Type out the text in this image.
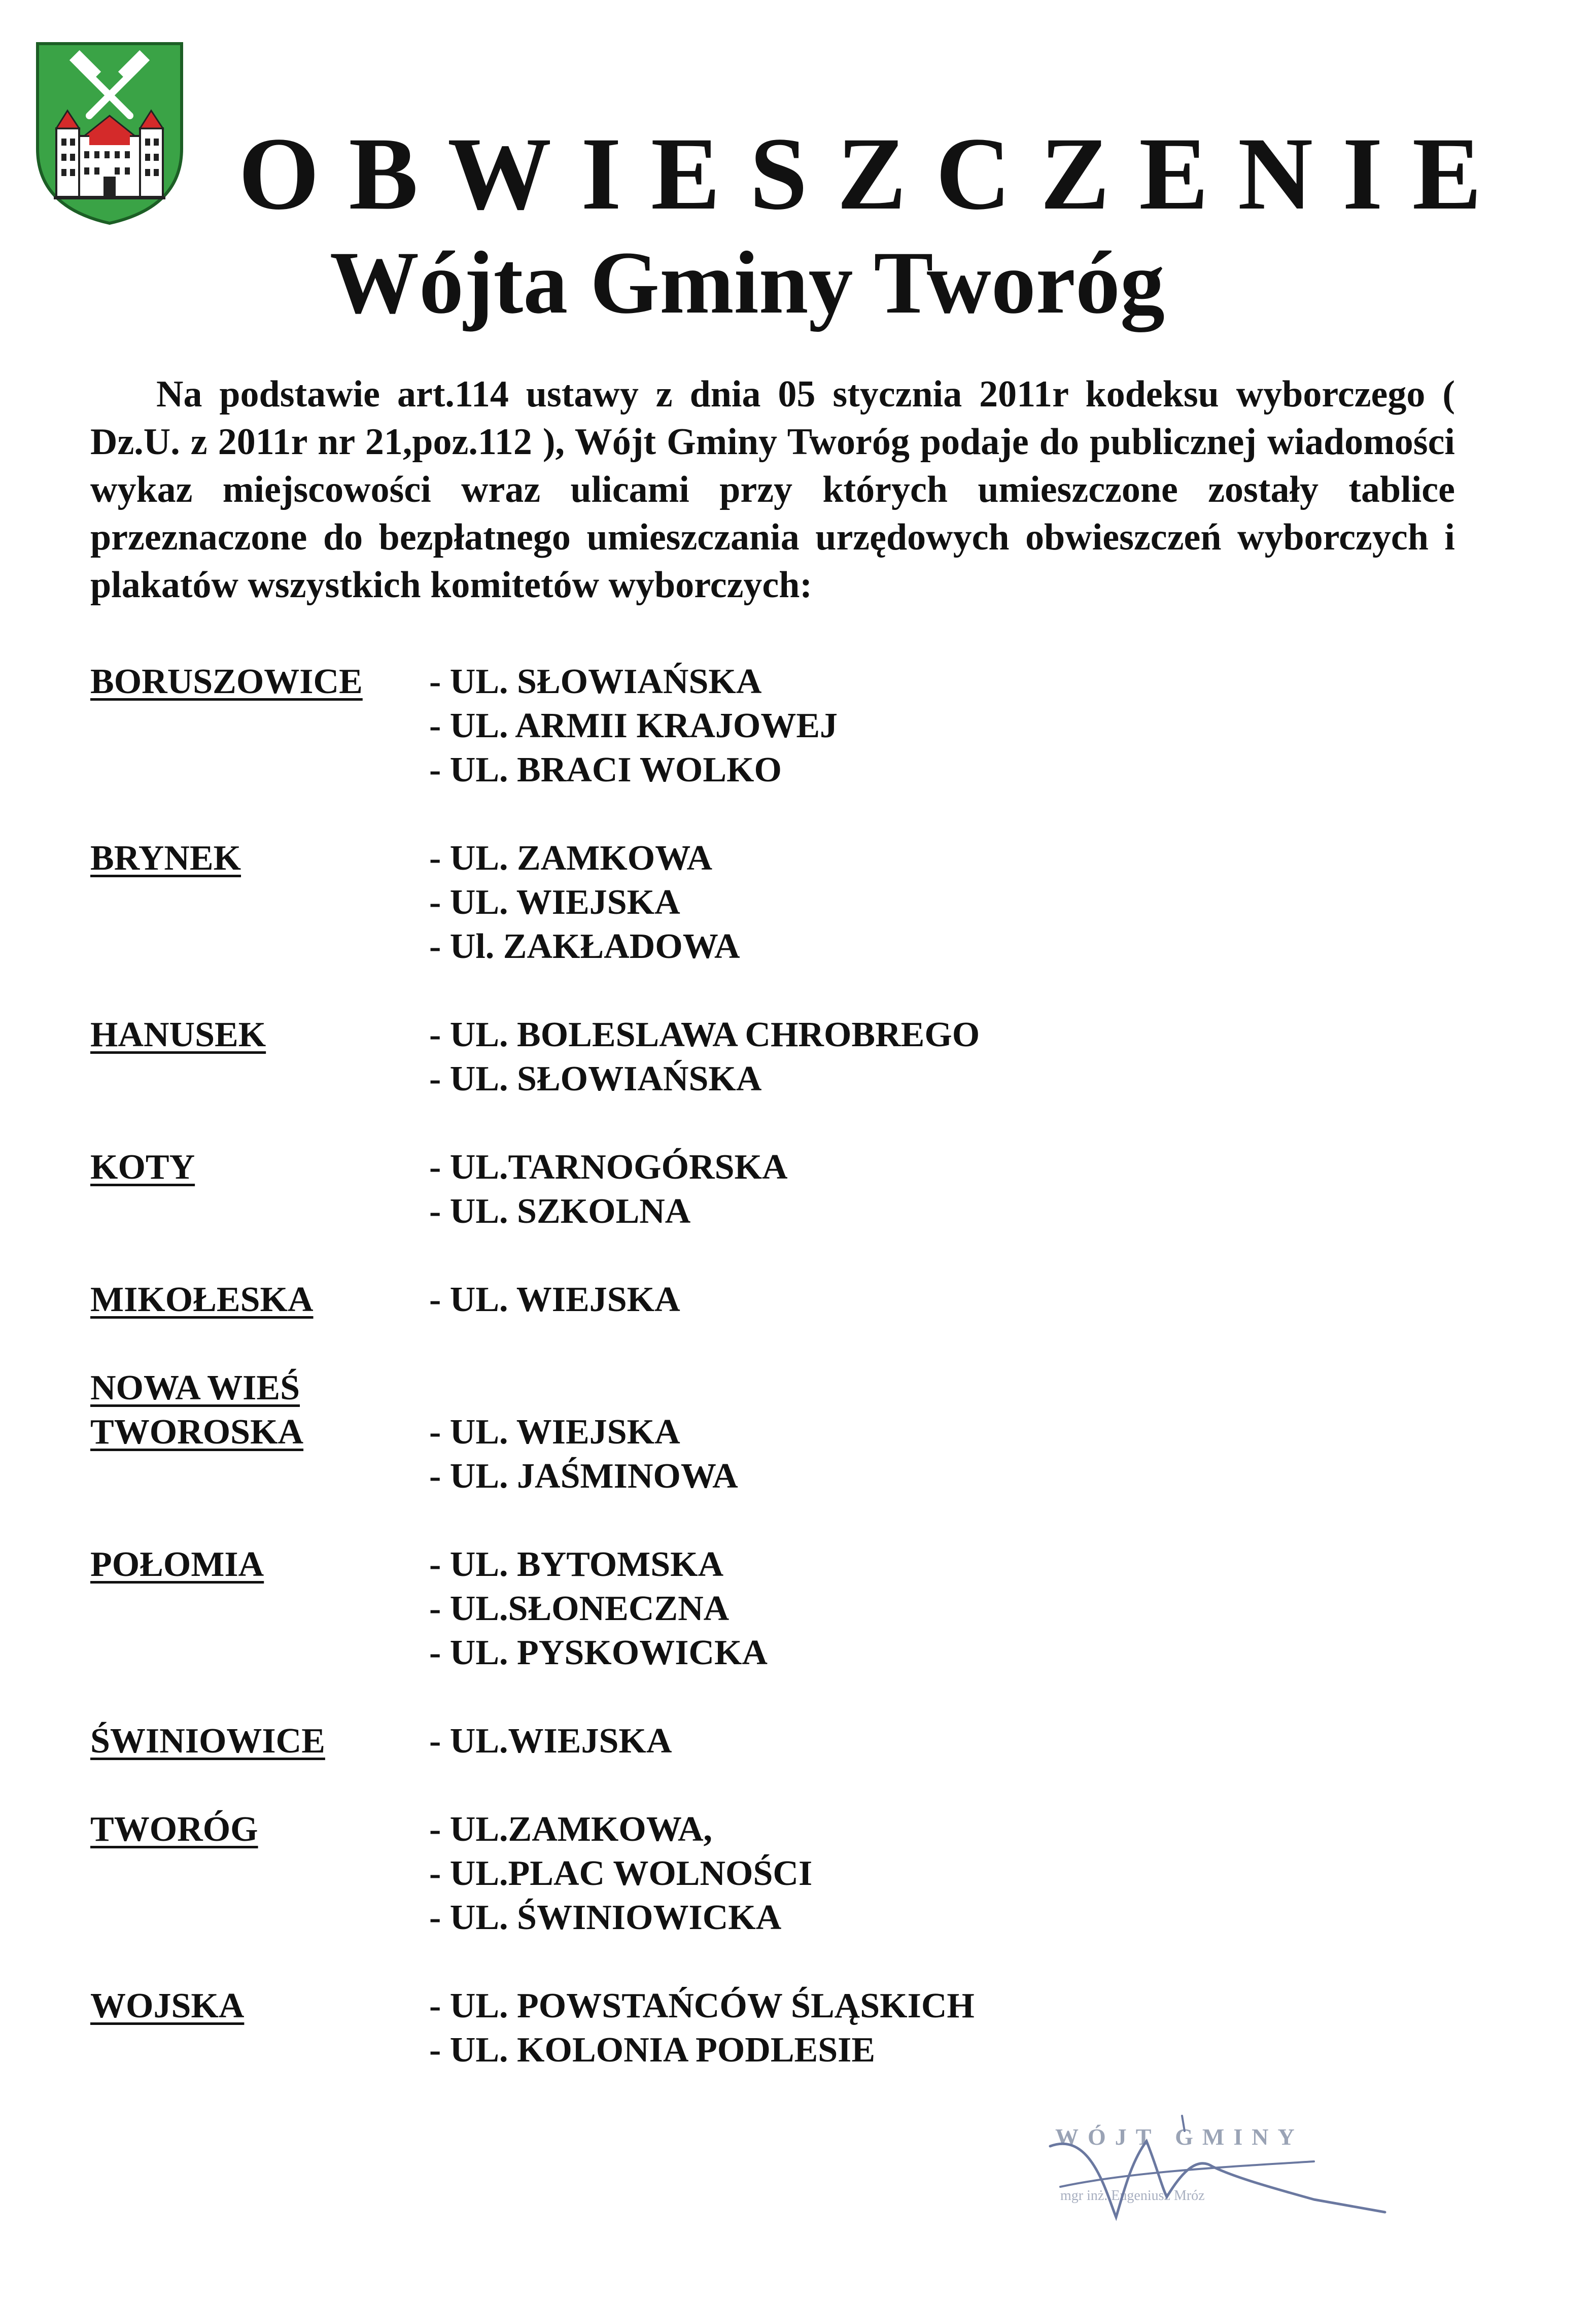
OBWIESZCZENIE
Wójta Gminy Tworóg

Na podstawie art.114 ustawy z dnia 05 stycznia 2011r kodeksu wyborczego ( Dz.U. z 2011r nr 21,poz.112 ), Wójt Gminy Tworóg podaje do publicznej wiadomości wykaz miejscowości wraz ulicami przy których umieszczone zostały tablice przeznaczone do bezpłatnego umieszczania urzędowych obwieszczeń wyborczych i plakatów wszystkich komitetów wyborczych:

BORUSZOWICE	- UL. SŁOWIAŃSKA
- UL. ARMII KRAJOWEJ
- UL. BRACI WOLKO
BRYNEK	- UL. ZAMKOWA
- UL. WIEJSKA
- Ul. ZAKŁADOWA
HANUSEK	- UL. BOLESLAWA CHROBREGO
- UL. SŁOWIAŃSKA
KOTY	- UL.TARNOGÓRSKA
- UL. SZKOLNA
MIKOŁESKA	- UL. WIEJSKA
NOWA WIEŚ
TWOROSKA	- UL. WIEJSKA
- UL. JAŚMINOWA
POŁOMIA	- UL. BYTOMSKA
- UL.SŁONECZNA
- UL. PYSKOWICKA
ŚWINIOWICE	- UL.WIEJSKA
TWORÓG	- UL.ZAMKOWA,
- UL.PLAC WOLNOŚCI
- UL. ŚWINIOWICKA
WOJSKA	- UL. POWSTAŃCÓW ŚLĄSKICH
- UL. KOLONIA PODLESIE
WÓJT GMINY
mgr inż. Eugeniusz Mróz
